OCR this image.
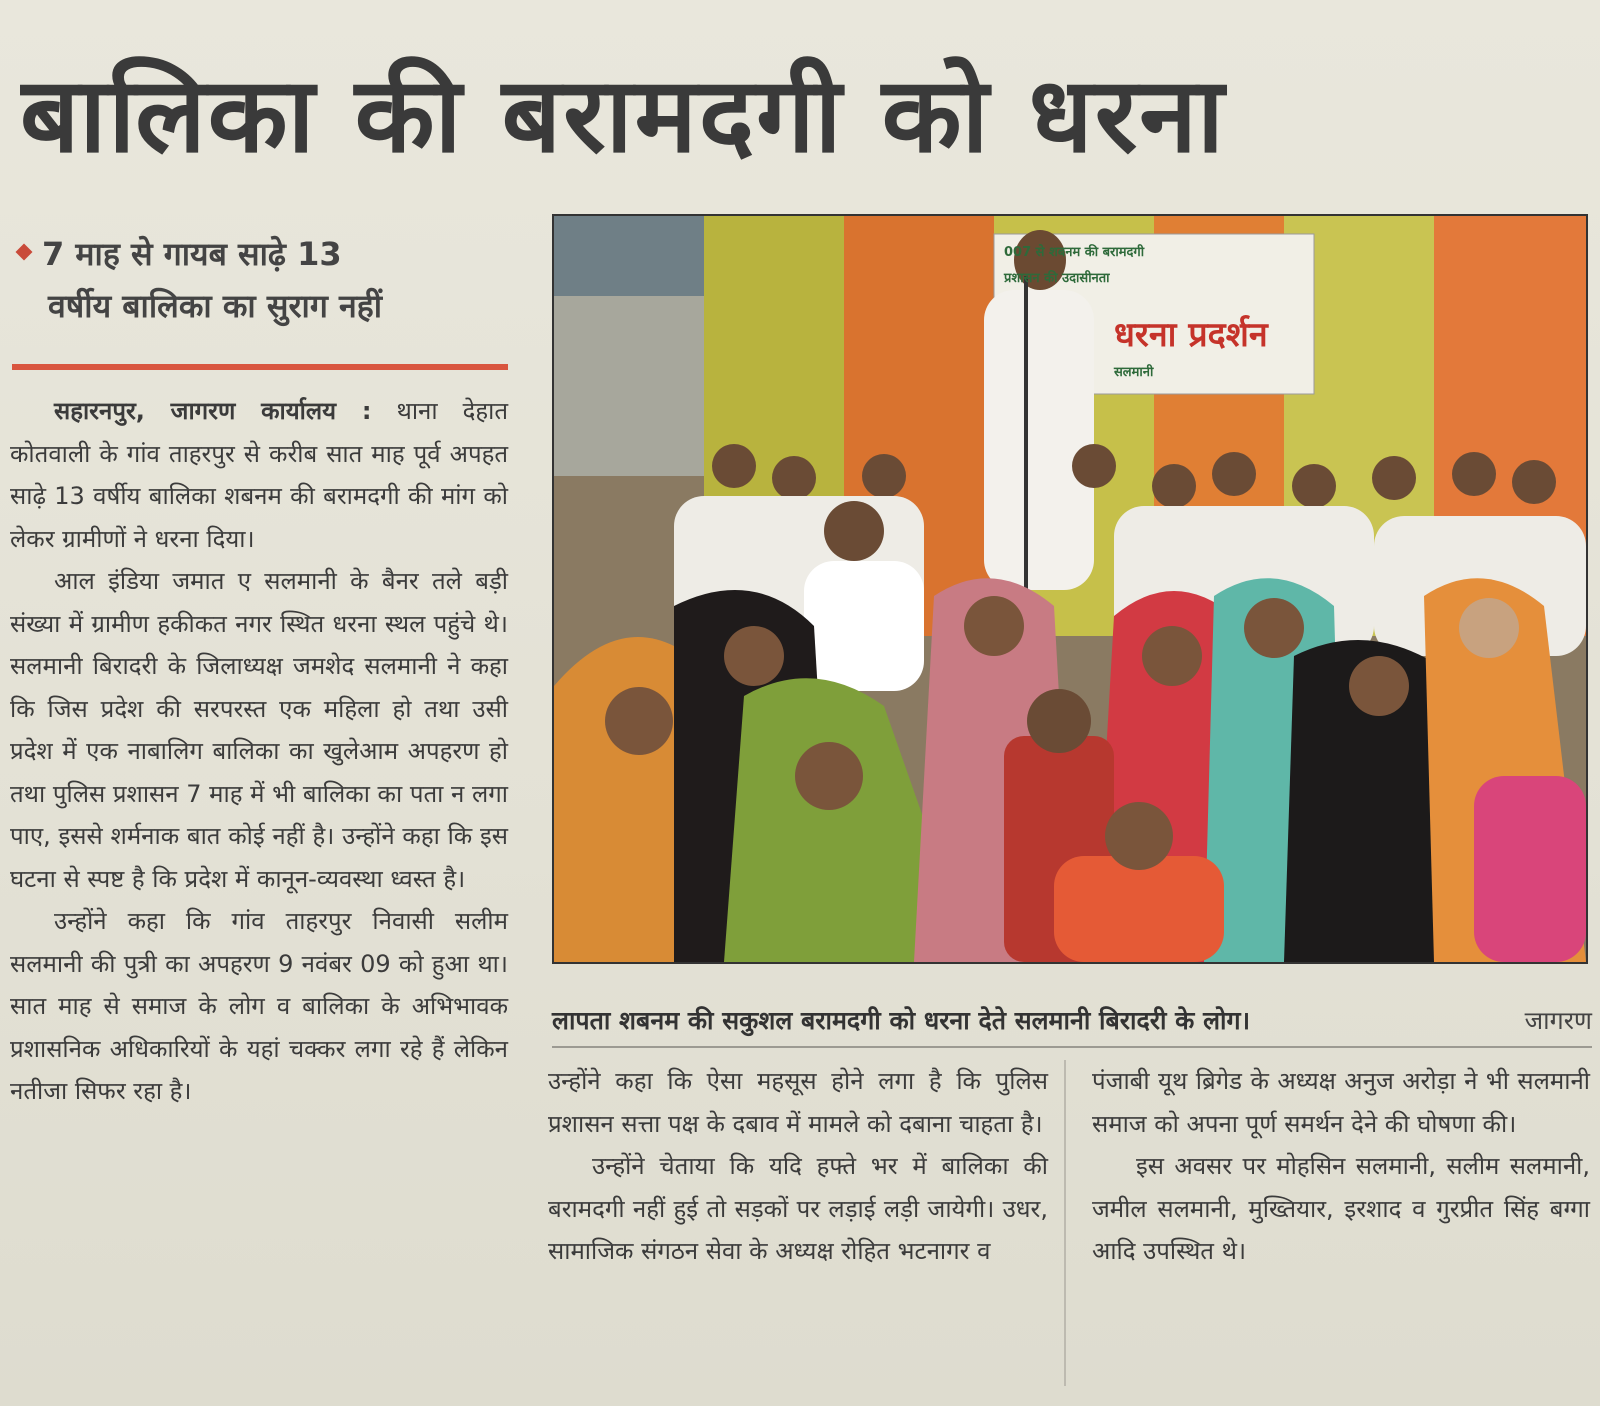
बालिका की बरामदगी को धरना
7 माह से गायब साढ़े 13
वर्षीय बालिका का सुराग नहीं

सहारनपुर, जागरण कार्यालय : थाना देहात कोतवाली के गांव ताहरपुर से करीब सात माह पूर्व अपहत साढ़े 13 वर्षीय बालिका शबनम की बरामदगी की मांग को लेकर ग्रामीणों ने धरना दिया।

आल इंडिया जमात ए सलमानी के बैनर तले बड़ी संख्या में ग्रामीण हकीकत नगर स्थित धरना स्थल पहुंचे थे। सलमानी बिरादरी के जिलाध्यक्ष जमशेद सलमानी ने कहा कि जिस प्रदेश की सरपरस्त एक महिला हो तथा उसी प्रदेश में एक नाबालिग बालिका का खुलेआम अपहरण हो तथा पुलिस प्रशासन 7 माह में भी बालिका का पता न लगा पाए, इससे शर्मनाक बात कोई नहीं है। उन्होंने कहा कि इस घटना से स्पष्ट है कि प्रदेश में कानून-व्यवस्था ध्वस्त है।

उन्होंने कहा कि गांव ताहरपुर निवासी सलीम सलमानी की पुत्री का अपहरण 9 नवंबर 09 को हुआ था। सात माह से समाज के लोग व बालिका के अभिभावक प्रशासनिक अधिकारियों के यहां चक्कर लगा रहे हैं लेकिन नतीजा सिफर रहा है।

007 से शबनम की बरामदगी
प्रशासन की उदासीनता
धरना प्रदर्शन
सलमानी
लापता शबनम की सकुशल बरामदगी को धरना देते सलमानी बिरादरी के लोग।	जागरण

उन्होंने कहा कि ऐसा महसूस होने लगा है कि पुलिस प्रशासन सत्ता पक्ष के दबाव में मामले को दबाना चाहता है।

उन्होंने चेताया कि यदि हफ्ते भर में बालिका की बरामदगी नहीं हुई तो सड़कों पर लड़ाई लड़ी जायेगी। उधर, सामाजिक संगठन सेवा के अध्यक्ष रोहित भटनागर व

पंजाबी यूथ ब्रिगेड के अध्यक्ष अनुज अरोड़ा ने भी सलमानी समाज को अपना पूर्ण समर्थन देने की घोषणा की।

इस अवसर पर मोहसिन सलमानी, सलीम सलमानी, जमील सलमानी, मुख्तियार, इरशाद व गुरप्रीत सिंह बग्गा आदि उपस्थित थे।
